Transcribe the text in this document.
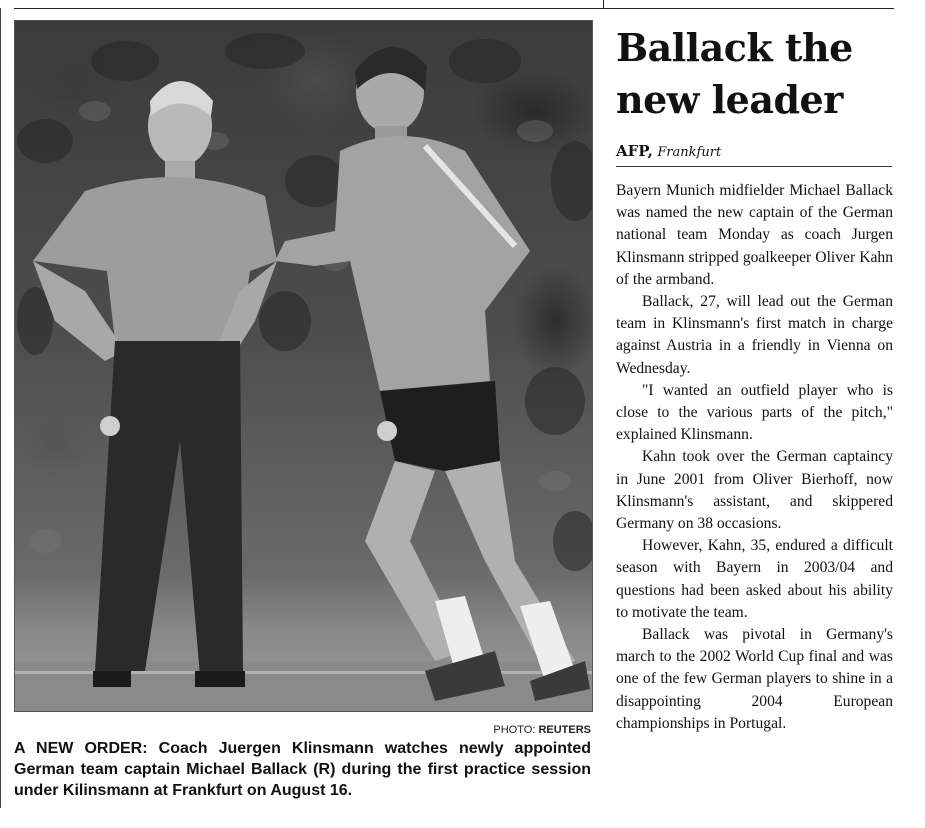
PHOTO: REUTERS
A NEW ORDER: Coach Juergen Klinsmann watches newly appointed German team captain Michael Ballack (R) during the first practice session under Kilinsmann at Frankfurt on August 16.
Ballack the new leader
AFP, Frankfurt

Bayern Munich midfielder Michael Ballack was named the new captain of the German national team Monday as coach Jurgen Klinsmann stripped goalkeeper Oliver Kahn of the armband.

Ballack, 27, will lead out the German team in Klinsmann's first match in charge against Austria in a friendly in Vienna on Wednesday.

"I wanted an outfield player who is close to the various parts of the pitch," explained Klinsmann.

Kahn took over the German captaincy in June 2001 from Oliver Bierhoff, now Klinsmann's assistant, and skippered Germany on 38 occasions.

However, Kahn, 35, endured a difficult season with Bayern in 2003/04 and questions had been asked about his ability to motivate the team.

Ballack was pivotal in Germany's march to the 2002 World Cup final and was one of the few German players to shine in a disappointing 2004 European championships in Portugal.
